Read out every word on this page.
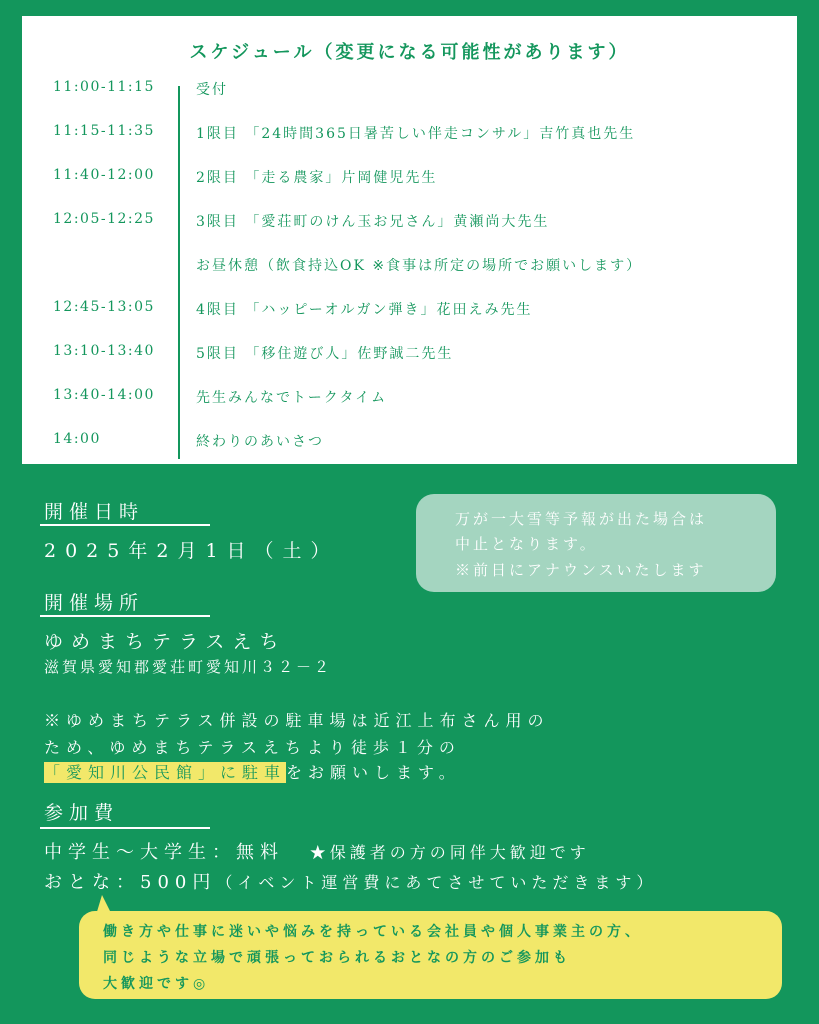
スケジュール（変更になる可能性があります）
11:00-11:15	受付
11:15-11:35	1限目 「24時間365日暑苦しい伴走コンサル」吉竹真也先生
11:40-12:00	2限目 「走る農家」片岡健児先生
12:05-12:25	3限目 「愛荘町のけん玉お兄さん」黄瀬尚大先生
お昼休憩（飲食持込OK ※食事は所定の場所でお願いします）
12:45-13:05	4限目 「ハッピーオルガン弾き」花田えみ先生
13:10-13:40	5限目 「移住遊び人」佐野誠二先生
13:40-14:00	先生みんなでトークタイム
14:00	終わりのあいさつ
開催日時
2025年2月1日（土）
万が一大雪等予報が出た場合は
中止となります。
※前日にアナウンスいたします
開催場所
ゆめまちテラスえち
滋賀県愛知郡愛荘町愛知川３２－２
※ゆめまちテラス併設の駐車場は近江上布さん用の
ため、ゆめまちテラスえちより徒歩１分の
「愛知川公民館」に駐車をお願いします。
参加費
中学生～大学生：無料 ★保護者の方の同伴大歓迎です
おとな：500円（イベント運営費にあてさせていただきます）
働き方や仕事に迷いや悩みを持っている会社員や個人事業主の方、
同じような立場で頑張っておられるおとなの方のご参加も
大歓迎です◎
